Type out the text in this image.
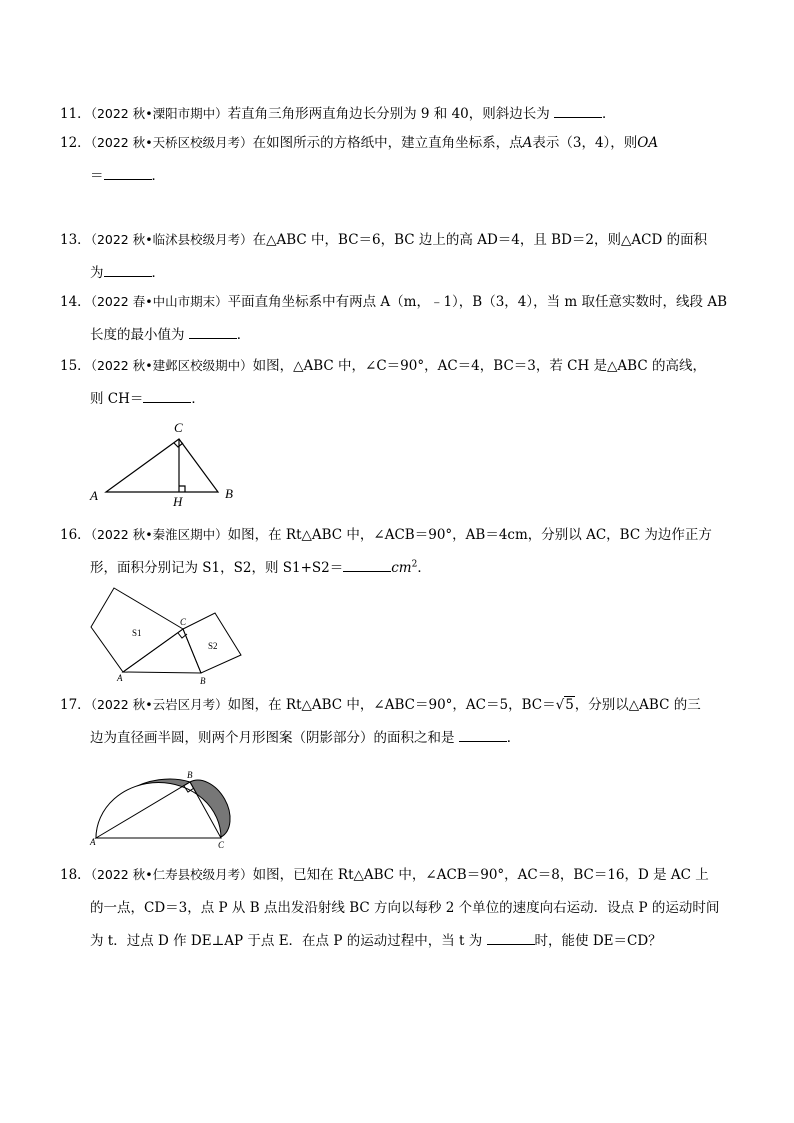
11．（2022 秋•溧阳市期中）若直角三角形两直角边长分别为 9 和 40，则斜边长为	．
12．（2022 秋•天桥区校级月考）在如图所示的方格纸中，建立直角坐标系，点A表示（3，4），则OA
＝	．
13．（2022 秋•临沭县校级月考）在△ABC 中，BC＝6，BC 边上的高 AD＝4，且 BD＝2，则△ACD 的面积
为	．
14．（2022 春•中山市期末）平面直角坐标系中有两点 A（m，﹣1），B（3，4），当 m 取任意实数时，线段 AB
长度的最小值为	．
15．（2022 秋•建邺区校级期中）如图，△ABC 中，∠C＝90°，AC＝4，BC＝3，若 CH 是△ABC 的高线，
则 CH＝	．
C
A	H
B
16．（2022 秋•秦淮区期中）如图，在 Rt△ABC 中，∠ACB＝90°，AB＝4cm，分别以 AC，BC 为边作正方
形，面积分别记为 S1，S2，则 S1+S2＝	$cm^2$．
S1
S2
C
A	B
17．（2022 秋•云岩区月考）如图，在 Rt△ABC 中，∠ABC＝90°，AC＝5，BC＝√5，分别以△ABC 的三
边为直径画半圆，则两个月形图案（阴影部分）的面积之和是	．
B
A	C
18．（2022 秋•仁寿县校级月考）如图，已知在 Rt△ABC 中，∠ACB＝90°，AC＝8，BC＝16，D 是 AC 上
的一点，CD＝3，点 P 从 B 点出发沿射线 BC 方向以每秒 2 个单位的速度向右运动．设点 P 的运动时间
为 t．过点 D 作 DE⊥AP 于点 E．在点 P 的运动过程中，当 t 为	时，能使 DE＝CD？
